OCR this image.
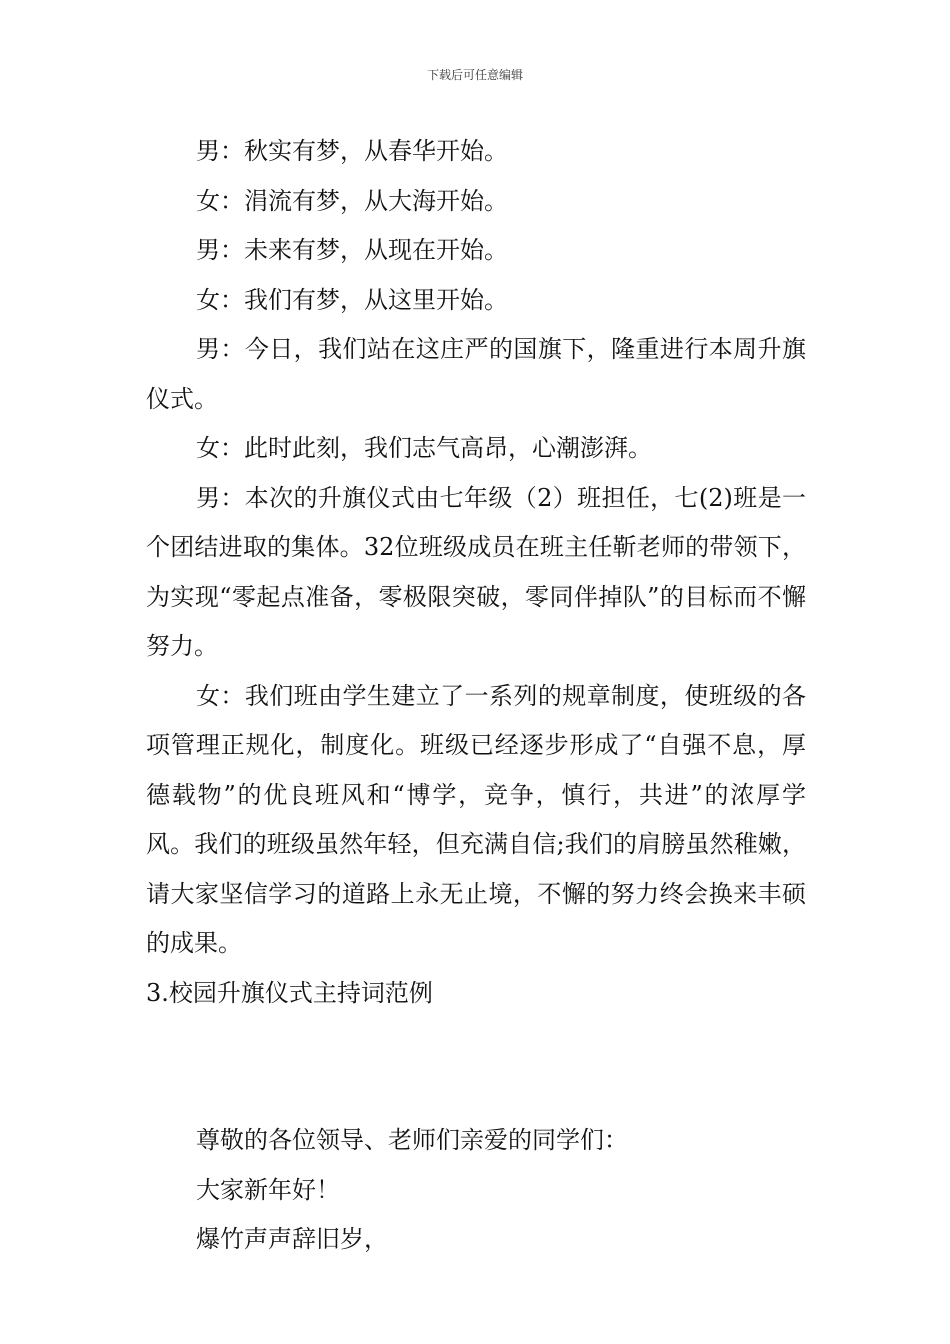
下载后可任意编辑

男：秋实有梦，从春华开始。

女：涓流有梦，从大海开始。

男：未来有梦，从现在开始。

女：我们有梦，从这里开始。

男：今日，我们站在这庄严的国旗下，隆重进行本周升旗仪式。

女：此时此刻，我们志气高昂，心潮澎湃。

男：本次的升旗仪式由七年级（2）班担任，七(2)班是一个团结进取的集体。32位班级成员在班主任靳老师的带领下，为实现“零起点准备，零极限突破，零同伴掉队”的目标而不懈努力。

女：我们班由学生建立了一系列的规章制度，使班级的各项管理正规化，制度化。班级已经逐步形成了“自强不息，厚德载物”的优良班风和“博学，竞争，慎行，共进”的浓厚学风。我们的班级虽然年轻，但充满自信;我们的肩膀虽然稚嫩，请大家坚信学习的道路上永无止境，不懈的努力终会换来丰硕的成果。

3.校园升旗仪式主持词范例

尊敬的各位领导、老师们亲爱的同学们：

大家新年好！

爆竹声声辞旧岁，
